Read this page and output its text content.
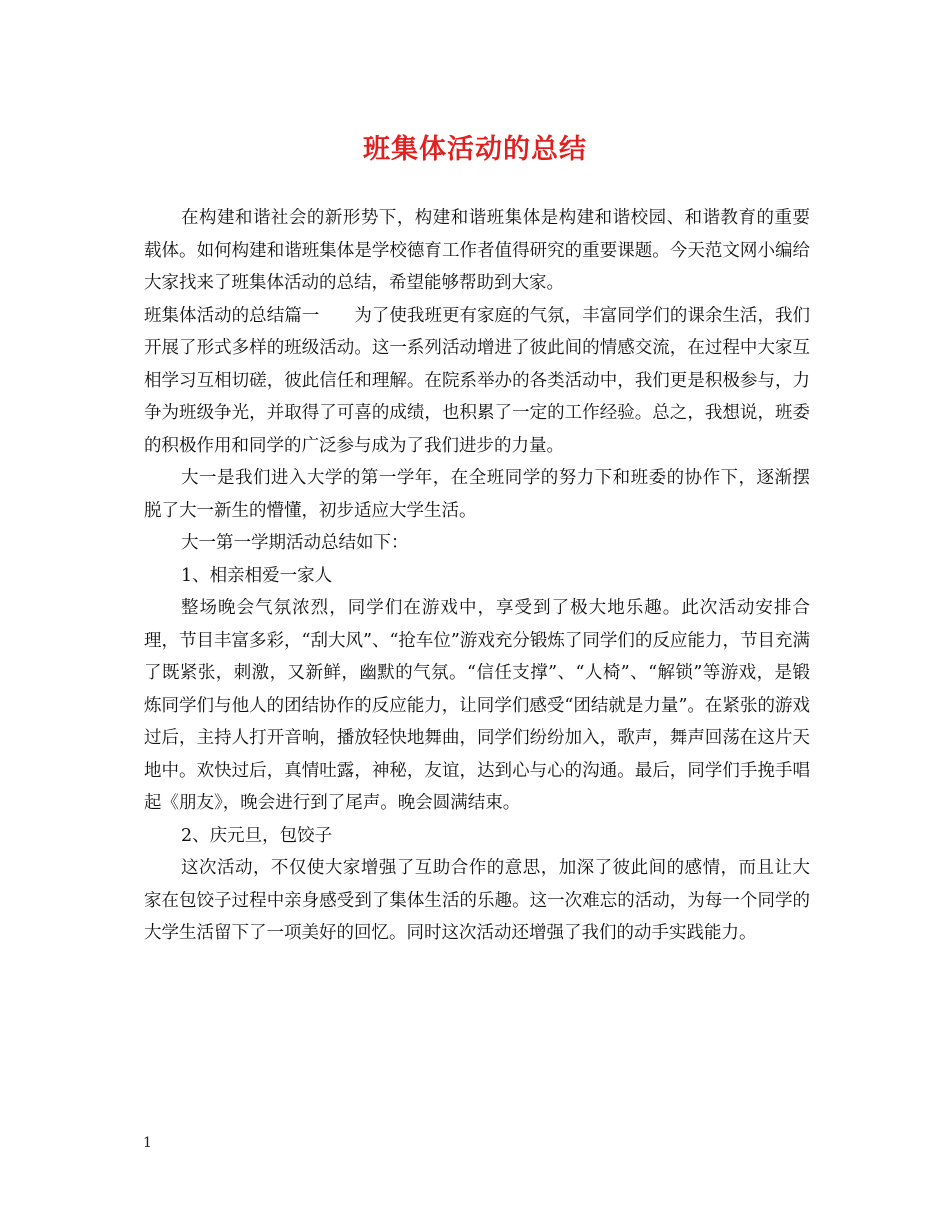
班集体活动的总结

在构建和谐社会的新形势下，构建和谐班集体是构建和谐校园、和谐教育的重要载体。如何构建和谐班集体是学校德育工作者值得研究的重要课题。今天范文网小编给大家找来了班集体活动的总结，希望能够帮助到大家。

班集体活动的总结篇一　　 为了使我班更有家庭的气氛，丰富同学们的课余生活，我们开展了形式多样的班级活动。这一系列活动增进了彼此间的情感交流，在过程中大家互相学习互相切磋，彼此信任和理解。在院系举办的各类活动中，我们更是积极参与，力争为班级争光，并取得了可喜的成绩，也积累了一定的工作经验。总之，我想说，班委的积极作用和同学的广泛参与成为了我们进步的力量。

大一是我们进入大学的第一学年，在全班同学的努力下和班委的协作下，逐渐摆脱了大一新生的懵懂，初步适应大学生活。

大一第一学期活动总结如下：

1、相亲相爱一家人

整场晚会气氛浓烈，同学们在游戏中，享受到了极大地乐趣。此次活动安排合理，节目丰富多彩，“刮大风”、“抢车位”游戏充分锻炼了同学们的反应能力，节目充满了既紧张，刺激，又新鲜，幽默的气氛。“信任支撑”、“人椅”、“解锁”等游戏，是锻炼同学们与他人的团结协作的反应能力，让同学们感受“团结就是力量”。在紧张的游戏过后，主持人打开音响，播放轻快地舞曲，同学们纷纷加入，歌声，舞声回荡在这片天地中。欢快过后，真情吐露，神秘，友谊，达到心与心的沟通。最后，同学们手挽手唱起《朋友》，晚会进行到了尾声。晚会圆满结束。

2、庆元旦，包饺子

这次活动，不仅使大家增强了互助合作的意思，加深了彼此间的感情，而且让大家在包饺子过程中亲身感受到了集体生活的乐趣。这一次难忘的活动，为每一个同学的大学生活留下了一项美好的回忆。同时这次活动还增强了我们的动手实践能力。

1
